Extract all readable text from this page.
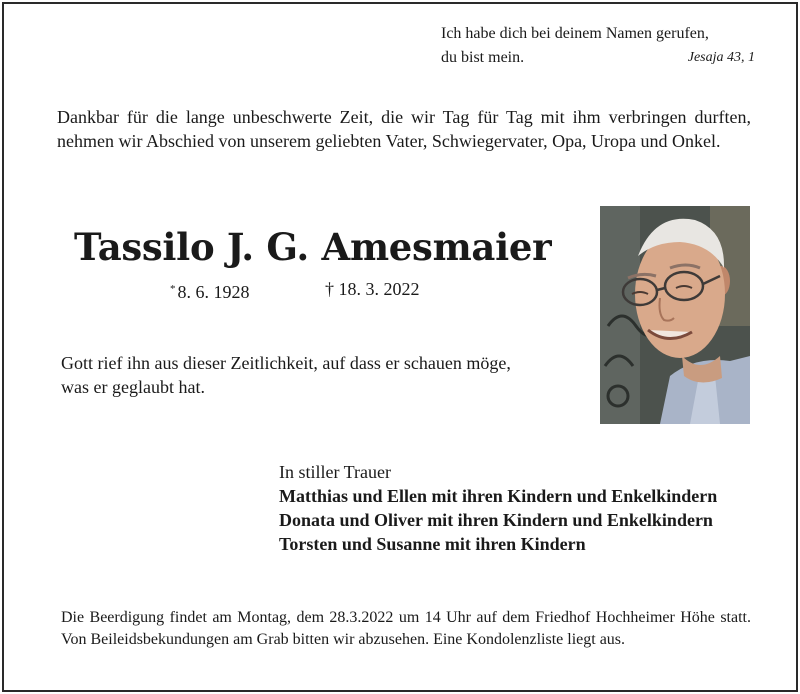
Ich habe dich bei deinem Namen gerufen,
du bist mein.	Jesaja 43, 1
Dankbar für die lange unbeschwerte Zeit, die wir Tag für Tag mit ihm verbringen durften, nehmen wir Abschied von unserem geliebten Vater, Schwiegervater, Opa, Uropa und Onkel.
Tassilo J. G. Amesmaier
* 8. 6. 1928	† 18. 3. 2022
Gott rief ihn aus dieser Zeitlichkeit, auf dass er schauen möge, was er geglaubt hat.
In stiller Trauer
Matthias und Ellen mit ihren Kindern und Enkelkindern
Donata und Oliver mit ihren Kindern und Enkelkindern
Torsten und Susanne mit ihren Kindern
Die Beerdigung findet am Montag, dem 28.3.2022 um 14 Uhr auf dem Friedhof Hochheimer Höhe statt. Von Beileidsbekundungen am Grab bitten wir abzusehen. Eine Kondolenzliste liegt aus.
